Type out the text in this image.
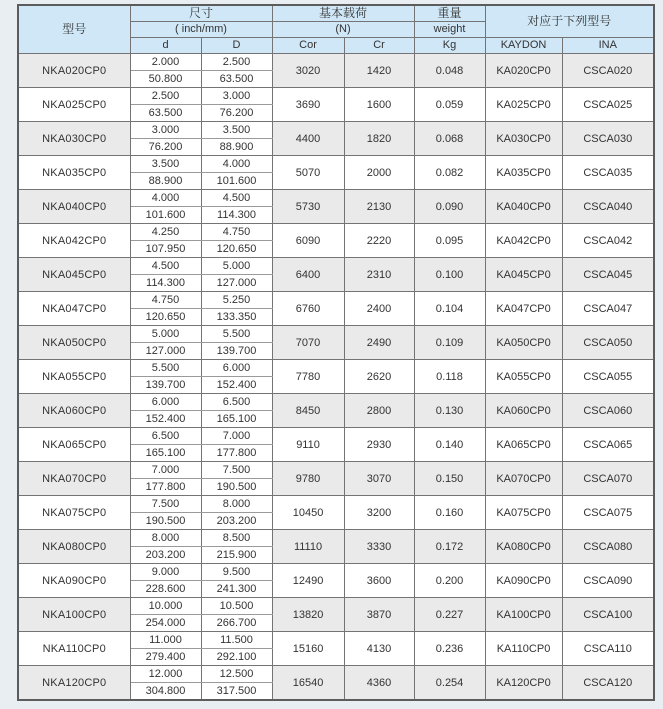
型号	尺寸		基本载荷		重量	对应于下列型号	
	( inch/mm)		(N)		weight		
	d	D	Cor	Cr	Kg	KAYDON	INA
NKA020CP0	2.000	2.500	3020	1420	0.048	KA020CP0	CSCA020
	50.800	63.500					
NKA025CP0	2.500	3.000	3690	1600	0.059	KA025CP0	CSCA025
	63.500	76.200					
NKA030CP0	3.000	3.500	4400	1820	0.068	KA030CP0	CSCA030
	76.200	88.900					
NKA035CP0	3.500	4.000	5070	2000	0.082	KA035CP0	CSCA035
	88.900	101.600					
NKA040CP0	4.000	4.500	5730	2130	0.090	KA040CP0	CSCA040
	101.600	114.300					
NKA042CP0	4.250	4.750	6090	2220	0.095	KA042CP0	CSCA042
	107.950	120.650					
NKA045CP0	4.500	5.000	6400	2310	0.100	KA045CP0	CSCA045
	114.300	127.000					
NKA047CP0	4.750	5.250	6760	2400	0.104	KA047CP0	CSCA047
	120.650	133.350					
NKA050CP0	5.000	5.500	7070	2490	0.109	KA050CP0	CSCA050
	127.000	139.700					
NKA055CP0	5.500	6.000	7780	2620	0.118	KA055CP0	CSCA055
	139.700	152.400					
NKA060CP0	6.000	6.500	8450	2800	0.130	KA060CP0	CSCA060
	152.400	165.100					
NKA065CP0	6.500	7.000	9110	2930	0.140	KA065CP0	CSCA065
	165.100	177.800					
NKA070CP0	7.000	7.500	9780	3070	0.150	KA070CP0	CSCA070
	177.800	190.500					
NKA075CP0	7.500	8.000	10450	3200	0.160	KA075CP0	CSCA075
	190.500	203.200					
NKA080CP0	8.000	8.500	11110	3330	0.172	KA080CP0	CSCA080
	203.200	215.900					
NKA090CP0	9.000	9.500	12490	3600	0.200	KA090CP0	CSCA090
	228.600	241.300					
NKA100CP0	10.000	10.500	13820	3870	0.227	KA100CP0	CSCA100
	254.000	266.700					
NKA110CP0	11.000	11.500	15160	4130	0.236	KA110CP0	CSCA110
	279.400	292.100					
NKA120CP0	12.000	12.500	16540	4360	0.254	KA120CP0	CSCA120
	304.800	317.500					
